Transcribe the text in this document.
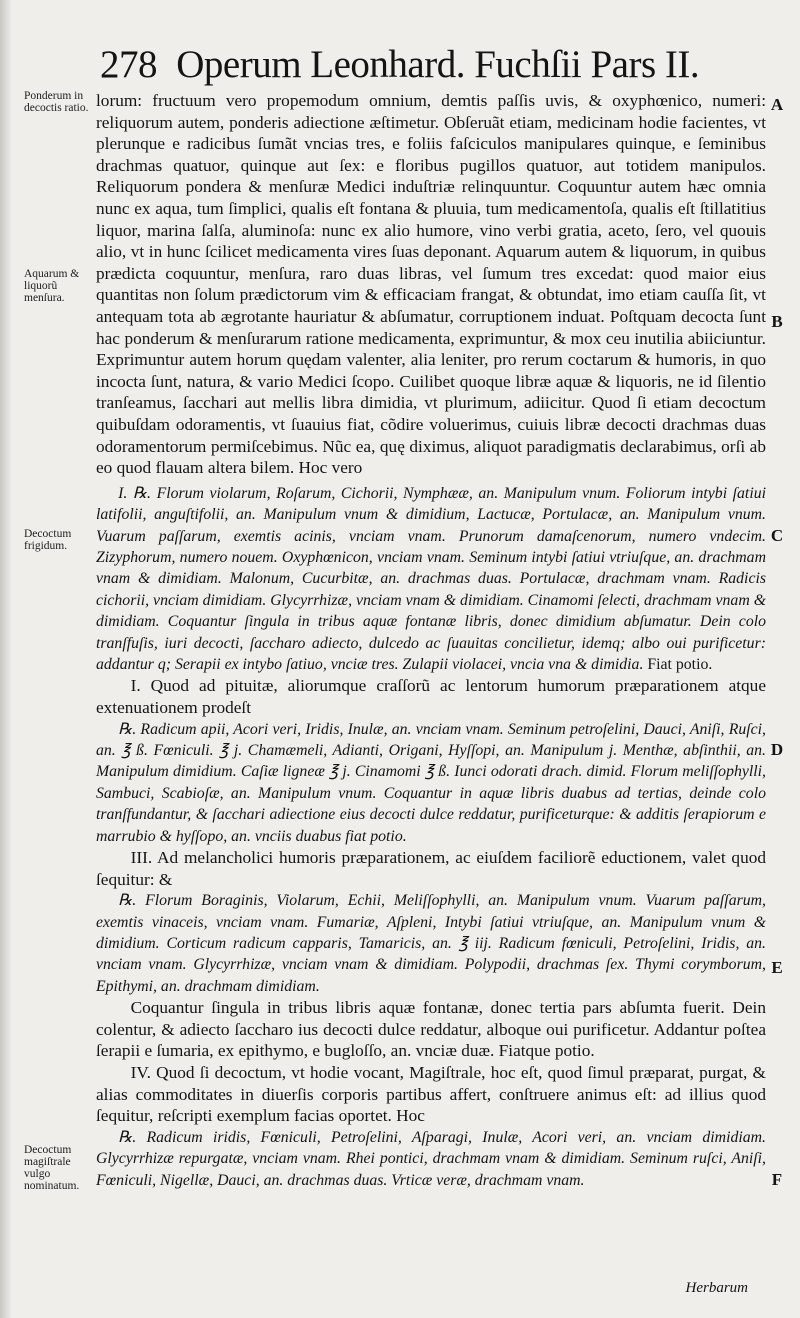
278 Operum Leonhard. Fuchſii Pars II.
Ponderum in decoctis ratio.
Aquarum & liquorũ menſura.
Decoctum frigidum.
Decoctum magiſtrale vulgo nominatum.
A
B
C
D
E
F
lorum: fructuum vero propemodum omnium, demtis paſſis uvis, & oxyphœnico, numeri: reliquorum autem, ponderis adiectione æſtimetur. Obſeruãt etiam, medicinam hodie facientes, vt plerunque e radicibus ſumãt vncias tres, e foliis faſciculos manipulares quinque, e ſeminibus drachmas quatuor, quinque aut ſex: e floribus pugillos quatuor, aut totidem manipulos. Reliquorum pondera & menſuræ Medici induſtriæ relinquuntur. Coquuntur autem hæc omnia nunc ex aqua, tum ſimplici, qualis eſt fontana & pluuia, tum medicamentoſa, qualis eſt ſtillatitius liquor, marina ſalſa, aluminoſa: nunc ex alio humore, vino verbi gratia, aceto, ſero, vel quouis alio, vt in hunc ſcilicet medicamenta vires ſuas deponant. Aquarum autem & liquorum, in quibus prædicta coquuntur, menſura, raro duas libras, vel ſumum tres excedat: quod maior eius quantitas non ſolum prædictorum vim & efficaciam frangat, & obtundat, imo etiam cauſſa ſit, vt antequam tota ab ægrotante hauriatur & abſumatur, corruptionem induat. Poſtquam decocta ſunt hac ponderum & menſurarum ratione medicamenta, exprimuntur, & mox ceu inutilia abiiciuntur. Exprimuntur autem horum quędam valenter, alia leniter, pro rerum coctarum & humoris, in quo incocta ſunt, natura, & vario Medici ſcopo. Cuilibet quoque libræ aquæ & liquoris, ne id ſilentio tranſeamus, ſacchari aut mellis libra dimidia, vt plurimum, adiicitur. Quod ſi etiam decoctum quibuſdam odoramentis, vt ſuauius fiat, cõdire voluerimus, cuiuis libræ decocti drachmas duas odoramentorum permiſcebimus. Nũc ea, quę diximus, aliquot paradigmatis declarabimus, orſi ab eo quod flauam altera bilem. Hoc vero
I. ℞. Florum violarum, Roſarum, Cichorii, Nymphææ, an. Manipulum vnum. Foliorum intybi ſatiui latifolii, anguſtifolii, an. Manipulum vnum & dimidium, Lactucæ, Portulacæ, an. Manipulum vnum. Vuarum paſſarum, exemtis acinis, vnciam vnam. Prunorum damaſcenorum, numero vndecim. Zizyphorum, numero nouem. Oxyphœnicon, vnciam vnam. Seminum intybi ſatiui vtriuſque, an. drachmam vnam & dimidiam. Malonum, Cucurbitæ, an. drachmas duas. Portulacæ, drachmam vnam. Radicis cichorii, vnciam dimidiam. Glycyrrhizæ, vnciam vnam & dimidiam. Cinamomi ſelecti, drachmam vnam & dimidiam. Coquantur ſingula in tribus aquæ fontanæ libris, donec dimidium abſumatur. Dein colo tranſfuſis, iuri decocti, ſaccharo adiecto, dulcedo ac ſuauitas concilietur, idemq; albo oui purificetur: addantur q; Serapii ex intybo ſatiuo, vnciæ tres. Zulapii violacei, vncia vna & dimidia. Fiat potio.
I. Quod ad pituitæ, aliorumque craſſorũ ac lentorum humorum præparationem atque extenuationem prodeſt
℞. Radicum apii, Acori veri, Iridis, Inulæ, an. vnciam vnam. Seminum petroſelini, Dauci, Aniſi, Ruſci, an. ℥ ß. Fœniculi. ℥ j. Chamæmeli, Adianti, Origani, Hyſſopi, an. Manipulum j. Menthæ, abſinthii, an. Manipulum dimidium. Caſiæ ligneæ ℥ j. Cinamomi ℥ ß. Iunci odorati drach. dimid. Florum meliſſophylli, Sambuci, Scabioſæ, an. Manipulum vnum. Coquantur in aquæ libris duabus ad tertias, deinde colo tranſfundantur, & ſacchari adiectione eius decocti dulce reddatur, purificeturque: & additis ſerapiorum e marrubio & hyſſopo, an. vnciis duabus fiat potio.
III. Ad melancholici humoris præparationem, ac eiuſdem faciliorẽ eductionem, valet quod ſequitur: &
℞. Florum Boraginis, Violarum, Echii, Meliſſophylli, an. Manipulum vnum. Vuarum paſſarum, exemtis vinaceis, vnciam vnam. Fumariæ, Aſpleni, Intybi ſatiui vtriuſque, an. Manipulum vnum & dimidium. Corticum radicum capparis, Tamaricis, an. ℥ iij. Radicum fœniculi, Petroſelini, Iridis, an. vnciam vnam. Glycyrrhizæ, vnciam vnam & dimidiam. Polypodii, drachmas ſex. Thymi corymborum, Epithymi, an. drachmam dimidiam.
Coquantur ſingula in tribus libris aquæ fontanæ, donec tertia pars abſumta fuerit. Dein colentur, & adiecto ſaccharo ius decocti dulce reddatur, alboque oui purificetur. Addantur poſtea ſerapii e ſumaria, ex epithymo, e bugloſſo, an. vnciæ duæ. Fiatque potio.
IV. Quod ſi decoctum, vt hodie vocant, Magiſtrale, hoc eſt, quod ſimul præparat, purgat, & alias commoditates in diuerſis corporis partibus affert, conſtruere animus eſt: ad illius quod ſequitur, reſcripti exemplum facias oportet. Hoc
℞. Radicum iridis, Fœniculi, Petroſelini, Aſparagi, Inulæ, Acori veri, an. vnciam dimidiam. Glycyrrhizæ repurgatæ, vnciam vnam. Rhei pontici, drachmam vnam & dimidiam. Seminum ruſci, Aniſi, Fœniculi, Nigellæ, Dauci, an. drachmas duas. Vrticæ veræ, drachmam vnam.
Herbarum
